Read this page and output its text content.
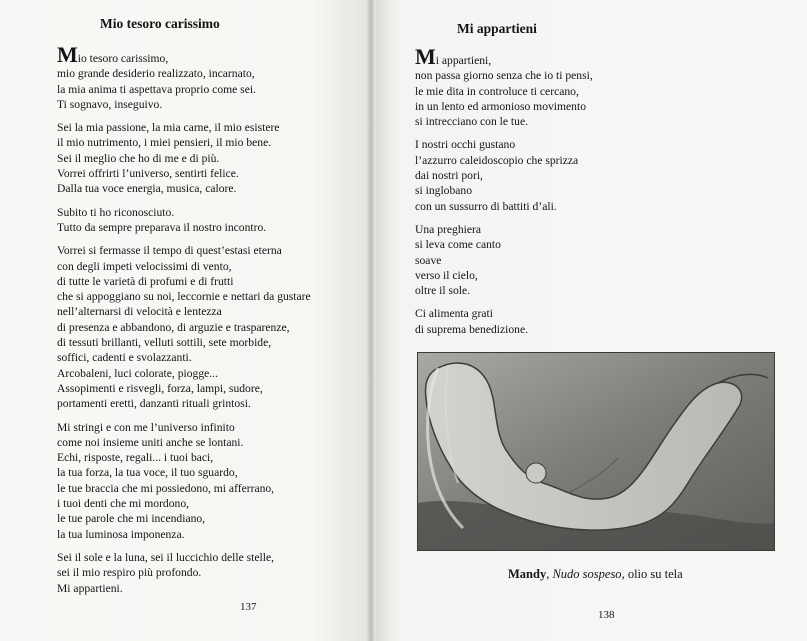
Mio tesoro carissimo
Mio tesoro carissimo,
mio grande desiderio realizzato, incarnato,
la mia anima ti aspettava proprio come sei.
Ti sognavo, inseguivo.
Sei la mia passione, la mia carne, il mio esistere
il mio nutrimento, i miei pensieri, il mio bene.
Sei il meglio che ho di me e di più.
Vorrei offrirti l’universo, sentirti felice.
Dalla tua voce energia, musica, calore.
Subito ti ho riconosciuto.
Tutto da sempre preparava il nostro incontro.
Vorrei si fermasse il tempo di quest’estasi eterna
con degli impeti velocissimi di vento,
di tutte le varietà di profumi e di frutti
che si appoggiano su noi, leccornie e nettari da gustare
nell’alternarsi di velocità e lentezza
di presenza e abbandono, di arguzie e trasparenze,
di tessuti brillanti, velluti sottili, sete morbide,
soffici, cadenti e svolazzanti.
Arcobaleni, luci colorate, piogge...
Assopimenti e risvegli, forza, lampi, sudore,
portamenti eretti, danzanti rituali grintosi.
Mi stringi e con me l’universo infinito
come noi insieme uniti anche se lontani.
Echi, risposte, regali... i tuoi baci,
la tua forza, la tua voce, il tuo sguardo,
le tue braccia che mi possiedono, mi afferrano,
i tuoi denti che mi mordono,
le tue parole che mi incendiano,
la tua luminosa imponenza.
Sei il sole e la luna, sei il luccichio delle stelle,
sei il mio respiro più profondo.
Mi appartieni.
137
Mi appartieni
Mi appartieni,
non passa giorno senza che io ti pensi,
le mie dita in controluce ti cercano,
in un lento ed armonioso movimento
si intrecciano con le tue.
I nostri occhi gustano
l’azzurro caleidoscopio che sprizza
dai nostri pori,
si inglobano
con un sussurro di battiti d’ali.
Una preghiera
si leva come canto
soave
verso il cielo,
oltre il sole.
Ci alimenta grati
di suprema benedizione.
Mandy, Nudo sospeso, olio su tela
138
